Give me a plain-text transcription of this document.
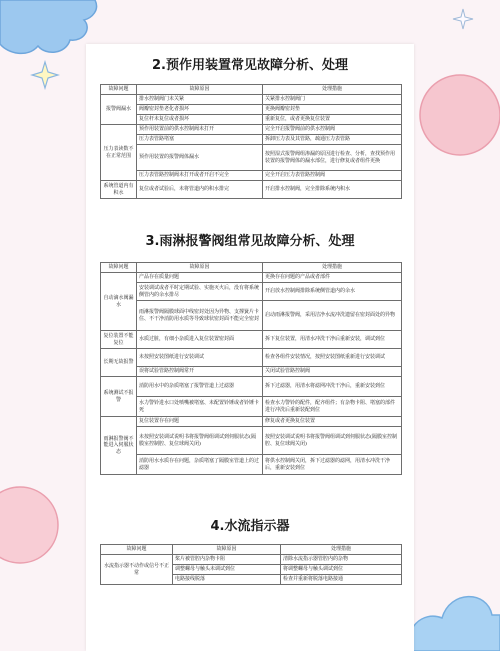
2.预作用装置常见故障分析、处理
故障问题	故障原因	处理措施
报警阀漏水	排水控制阀门未关紧	关紧排水控制阀门
	阀瓣密封垫老化者损坏	更换阀瓣密封垫
	复位杆未复位或者损坏	重新复位，或者更换复位装置
压力表读数不在正常范围	预作用装置前的供水控制阀未打开	完全开启报警阀前的供水控制阀
	压力表管路堵塞	拆卸压力表及其管路，疏通压力表管路
	预作用装置的报警阀体漏水	按照湿式报警阀组渗漏的原因进行检查、分析，查找预作用装置的报警阀体的漏水部位，进行修复或者组件更换
	压力表管路控制阀未打开或者开启不完全	完全开启压力表管路控制阀
系统管道内有积水	复位或者试验后，未将管道内的积水排完	开启排水控制阀，完全排除系统内积水
3.雨淋报警阀组常见故障分析、处理
故障问题	故障原因	处理措施
自动滴水阀漏水	产品存在质量问题	更换存在问题的产品或者部件
	安装调试或者平时定期试验、实施灭火后，没有将系统侧管内的余水排尽	开启放水控制阀排除系统侧管道内的余水
	雨淋报警阀隔膜球面中线密封处因为异物、支撑簧片卡住、不干净消防用水质等导致球状密封面不能完全密封	启动雨淋报警阀，采用洁净水流冲洗遗留在密封面处的异物
复位装置不能复位	水质过脏，有细小杂质进入复位装置密封面	拆下复位装置，用清水冲洗干净后重新安装，调试到位
长期无故报警	未按照安装图纸进行安装调试	检查各组件安装情况，按照安装图纸重新进行安装调试
	误将试验管路控制阀常开	关闭试验管路控制阀
系统测试不报警	消防用水中的杂质堵塞了报警管道上过滤器	拆下过滤器，用清水将滤网冲洗干净后，重新安装到位
	水力警铃进水口处喷嘴被堵塞、未配置铃锤或者铃锤卡死	检查水力警铃的配件，配齐组件；有杂物卡阻、堵塞的部件进行冲洗后重新装配到位
雨淋报警阀不能进入伺服状态	复位装置存在问题	修复或者更换复位装置
	未按照安装调试说明书将报警阀组调试到伺服状态(隔膜室控制腔、复位球阀关闭)	按照安装调试说明书将报警阀组调试到伺服状态(隔膜室控制腔、复位球阀关闭)
	消防用水水质存在问题，杂质堵塞了隔膜室管道上的过滤器	将供水控制阀关闭，拆下过滤器的滤网，用清水冲洗干净后，重新安装到位
4.水流指示器
故障问题	故障原因	处理措施
水流指示器不动作或信号不正常	桨片被管腔内杂物卡阻	清除水流指示器管腔内的杂物
	调整螺母与触头未调试到位	将调整螺母与触头调试到位
	电路接线脱落	检查并重新将脱落电路接通
